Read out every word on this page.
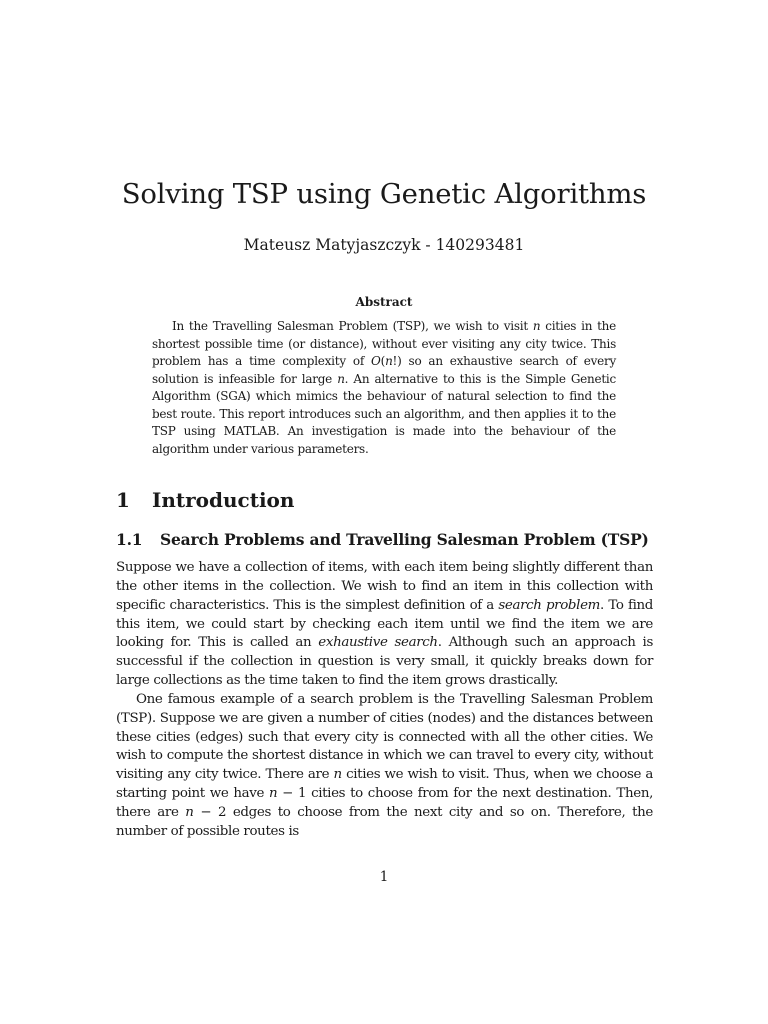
Solving TSP using Genetic Algorithms
Mateusz Matyjaszczyk - 140293481
Abstract

In the Travelling Salesman Problem (TSP), we wish to visit n cities in the shortest possible time (or distance), without ever visiting any city twice. This problem has a time complexity of O(n!) so an exhaustive search of every solution is infeasible for large n. An alternative to this is the Simple Genetic Algorithm (SGA) which mimics the behaviour of natural selection to find the best route. This report introduces such an algorithm, and then applies it to the TSP using MATLAB. An investigation is made into the behaviour of the algorithm under various parameters.

1 Introduction
1.1 Search Problems and Travelling Salesman Problem (TSP)

Suppose we have a collection of items, with each item being slightly different than the other items in the collection. We wish to find an item in this collection with specific characteristics. This is the simplest definition of a search problem. To find this item, we could start by checking each item until we find the item we are looking for. This is called an exhaustive search. Although such an approach is successful if the collection in question is very small, it quickly breaks down for large collections as the time taken to find the item grows drastically.

One famous example of a search problem is the Travelling Salesman Problem (TSP). Suppose we are given a number of cities (nodes) and the distances between these cities (edges) such that every city is connected with all the other cities. We wish to compute the shortest distance in which we can travel to every city, without visiting any city twice. There are n cities we wish to visit. Thus, when we choose a starting point we have n − 1 cities to choose from for the next destination. Then, there are n − 2 edges to choose from the next city and so on. Therefore, the number of possible routes is

1
